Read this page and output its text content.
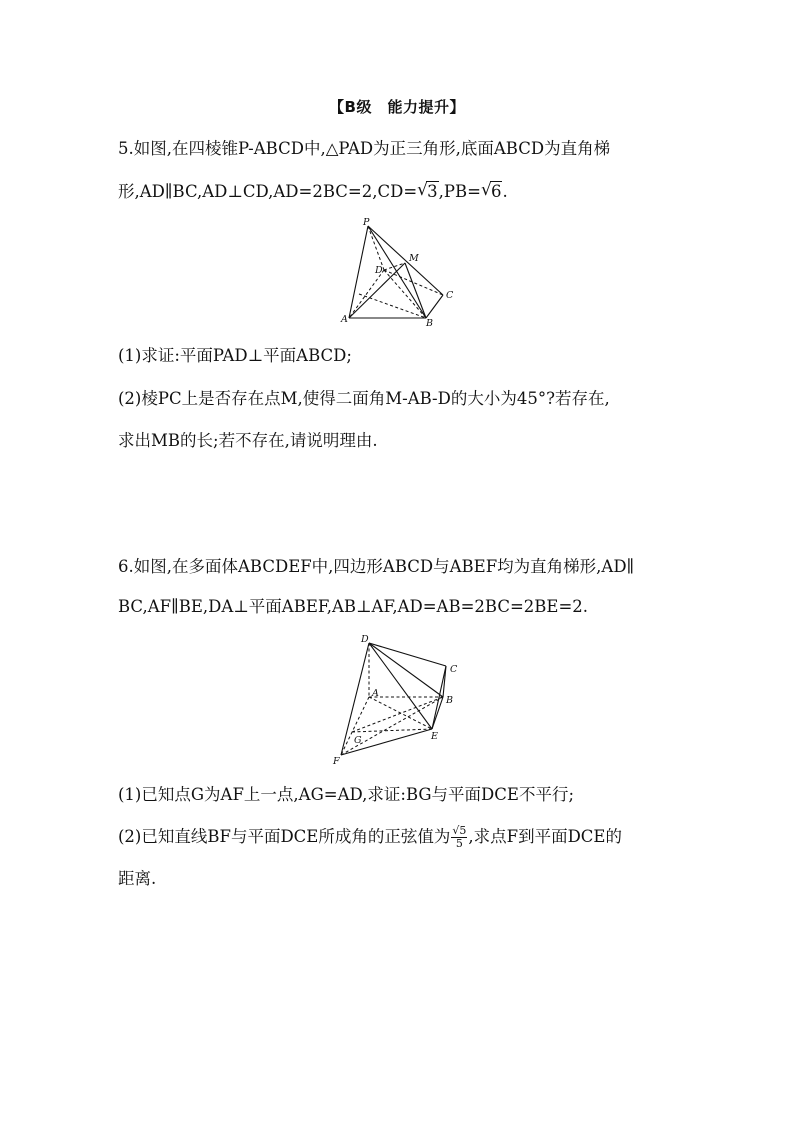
【B级　能力提升】
5.如图,在四棱锥P-ABCD中,△PAD为正三角形,底面ABCD为直角梯
形,AD∥BC,AD⊥CD,AD=2BC=2,CD= √ 3,PB= √ 6.
P
M
D
C
A	B
(1)求证:平面PAD⊥平面ABCD;
(2)棱PC上是否存在点M,使得二面角M-AB-D的大小为45°?若存在,
求出MB的长;若不存在,请说明理由.
6.如图,在多面体ABCDEF中,四边形ABCD与ABEF均为直角梯形,AD∥
BC,AF∥BE,DA⊥平面ABEF,AB⊥AF,AD=AB=2BC=2BE=2.
D
C
A
B
G	E
F
(1)已知点G为AF上一点,AG=AD,求证:BG与平面DCE不平行;
(2)已知直线BF与平面DCE所成角的正弦值为 $\frac{√5}{5}$ ,求点F到平面DCE的
距离.
